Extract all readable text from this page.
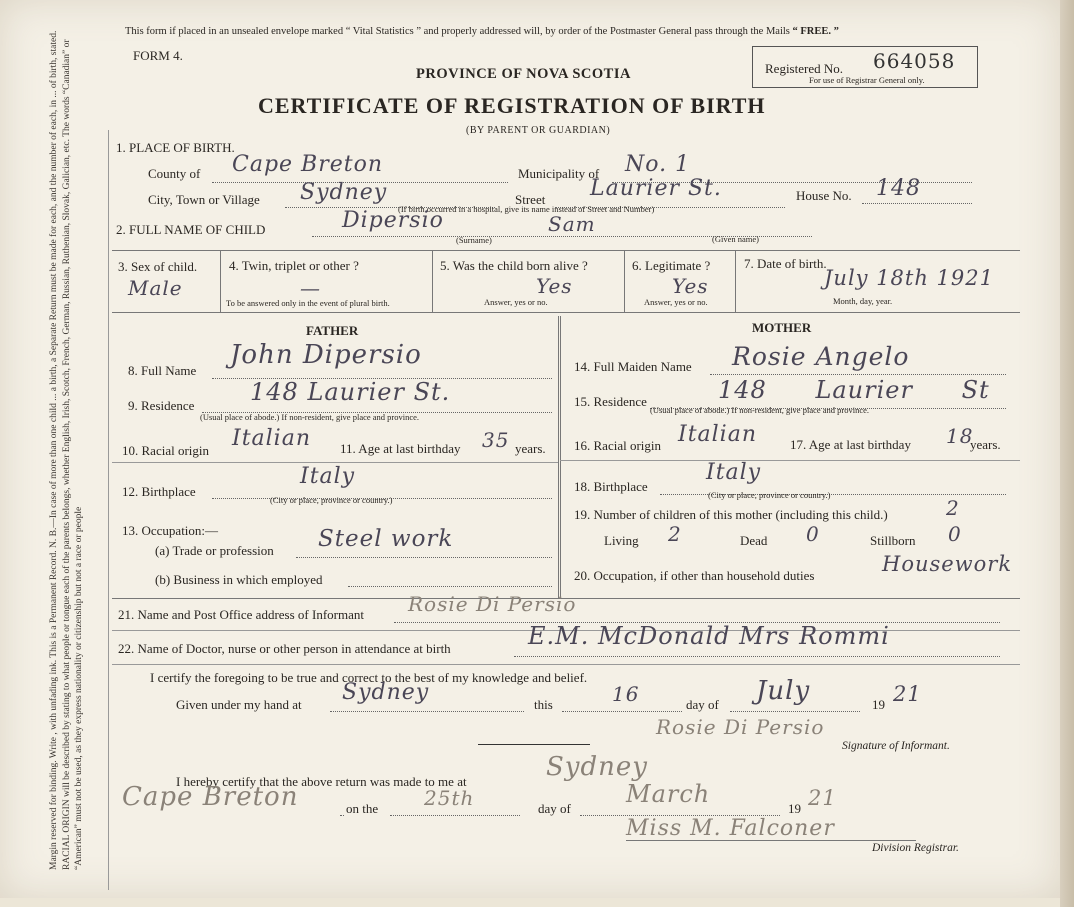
Margin reserved for binding. Write , with unfading ink. This is a Permanent Record. N. B.—In case of more than one child ... a birth, a Separate Return must be made for each, and the number of each, in ... of birth, stated. RACIAL ORIGIN will be described by stating to what people or tongue each of the parents belongs, whether English, Irish, Scotch, French, German, Russian, Ruthenian, Slovak, Galician, etc. The words “Canadian” or “American” must not be used, as they express nationality or citizenship but not a race or people
This form if placed in an unsealed envelope marked “ Vital Statistics ” and properly addressed will, by order of the Postmaster General pass through the Mails “ FREE. ”
FORM 4.
PROVINCE OF NOVA SCOTIA
CERTIFICATE OF REGISTRATION OF BIRTH
(BY PARENT OR GUARDIAN)
Registered No. 664058
For use of Registrar General only.
1. PLACE OF BIRTH.
County of Cape Breton	Municipality of No. 1
City, Town or Village Sydney	Street Laurier St.	House No. 148
(If birth occurred in a hospital, give its name instead of Street and Number)
2. FULL NAME OF CHILD	Dipersio	Sam
(Surname)	(Given name)
3. Sex of child.
Male
4. Twin, triplet or other ?
—
To be answered only in the event of plural birth.
5. Was the child born alive ?
Yes
Answer, yes or no.
6. Legitimate ?
Yes
Answer, yes or no.
7. Date of birth.
July 18th 1921
Month, day, year.
FATHER	MOTHER
8. Full Name
John Dipersio
9. Residence 148 Laurier St.
(Usual place of abode.) If non-resident, give place and province.
10. Racial origin Italian 11. Age at last birthday 35 years.
12. Birthplace
Italy
(City or place, province or country.)
13. Occupation:—
(a) Trade or profession Steel work
(b) Business in which employed
14. Full Maiden Name Rosie Angelo
15. Residence	148 Laurier St
(Usual place of abode.) If non-resident, give place and province.
16. Racial origin Italian	17. Age at last birthday 18
years.
18. Birthplace
Italy
(City or place, province or country.)
19. Number of children of this mother (including this child.)	2
Living 2	Dead 0	Stillborn 0
20. Occupation, if other than household duties	Housework
21. Name and Post Office address of Informant Rosie Di Persio
22. Name of Doctor, nurse or other person in attendance at birth	E.M. McDonald Mrs Rommi
I certify the foregoing to be true and correct to the best of my knowledge and belief.
Given under my hand at Sydney	this	16	day of July	19 21
Rosie Di Persio
Signature of Informant.
I hereby certify that the above return was made to me at	Sydney
Cape Breton	on the 25th	day of
March
19 21
Miss M. Falconer
Division Registrar.
